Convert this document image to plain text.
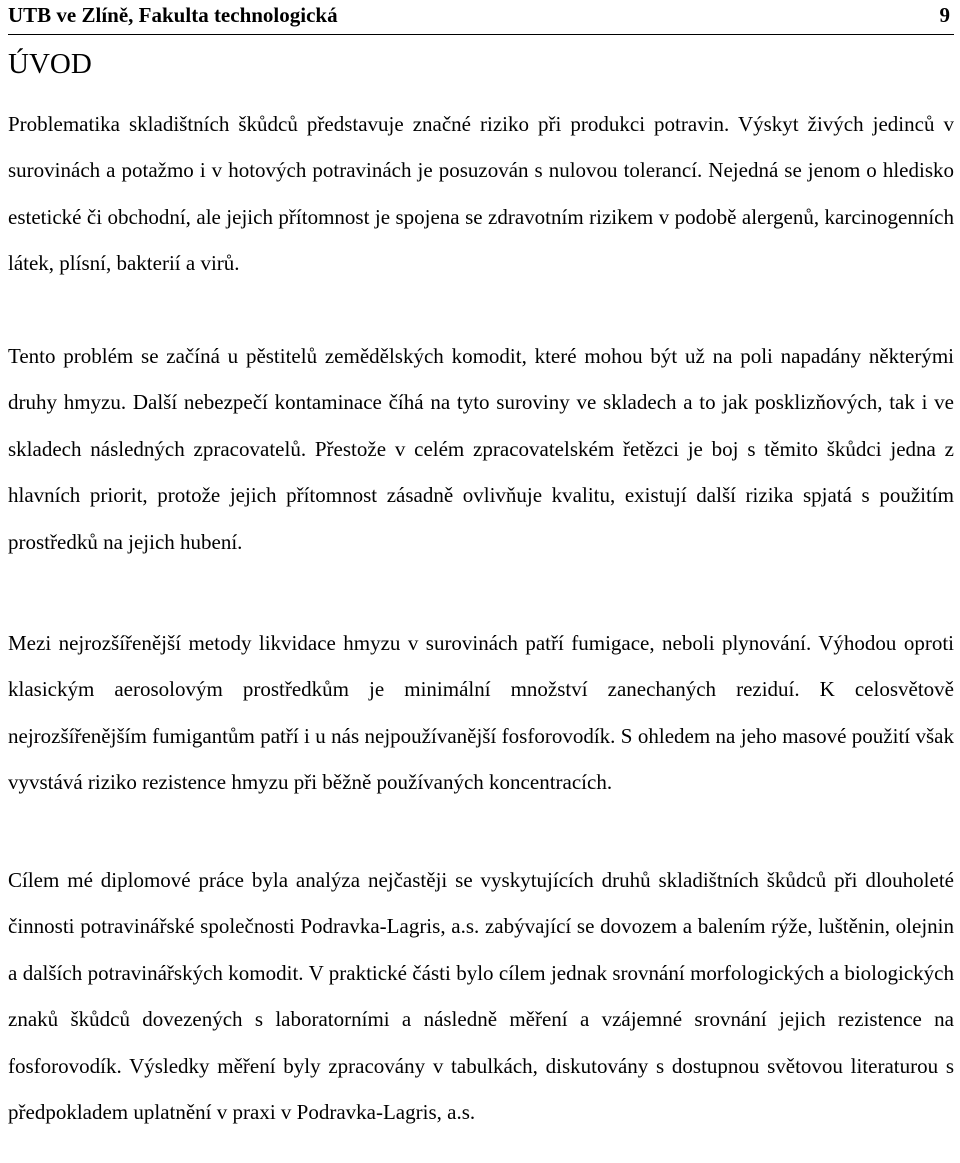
UTB ve Zlíně, Fakulta technologická	9
ÚVOD

Problematika skladištních škůdců představuje značné riziko při produkci potravin. Výskyt živých jedinců v surovinách a potažmo i v hotových potravinách je posuzován s nulovou tolerancí. Nejedná se jenom o hledisko estetické či obchodní, ale jejich přítomnost je spojena se zdravotním rizikem v podobě alergenů, karcinogenních látek, plísní, bakterií a virů.

Tento problém se začíná u pěstitelů zemědělských komodit, které mohou být už na poli napadány některými druhy hmyzu. Další nebezpečí kontaminace číhá na tyto suroviny ve skladech a to jak posklizňových, tak i ve skladech následných zpracovatelů. Přestože v celém zpracovatelském řetězci je boj s těmito škůdci jedna z hlavních priorit, protože jejich přítomnost zásadně ovlivňuje kvalitu, existují další rizika spjatá s použitím prostředků na jejich hubení.

Mezi nejrozšířenější metody likvidace hmyzu v surovinách patří fumigace, neboli plynování. Výhodou oproti klasickým aerosolovým prostředkům je minimální množství zanechaných reziduí. K celosvětově nejrozšířenějším fumigantům patří i u nás nejpoužívanější fosforovodík. S ohledem na jeho masové použití však vyvstává riziko rezistence hmyzu při běžně používaných koncentracích.

Cílem mé diplomové práce byla analýza nejčastěji se vyskytujících druhů skladištních škůdců při dlouholeté činnosti potravinářské společnosti Podravka-Lagris, a.s. zabývající se dovozem a balením rýže, luštěnin, olejnin a dalších potravinářských komodit. V praktické části bylo cílem jednak srovnání morfologických a biologických znaků škůdců dovezených s laboratorními a následně měření a vzájemné srovnání jejich rezistence na fosforovodík. Výsledky měření byly zpracovány v tabulkách, diskutovány s dostupnou světovou literaturou s předpokladem uplatnění v praxi v Podravka-Lagris, a.s.
